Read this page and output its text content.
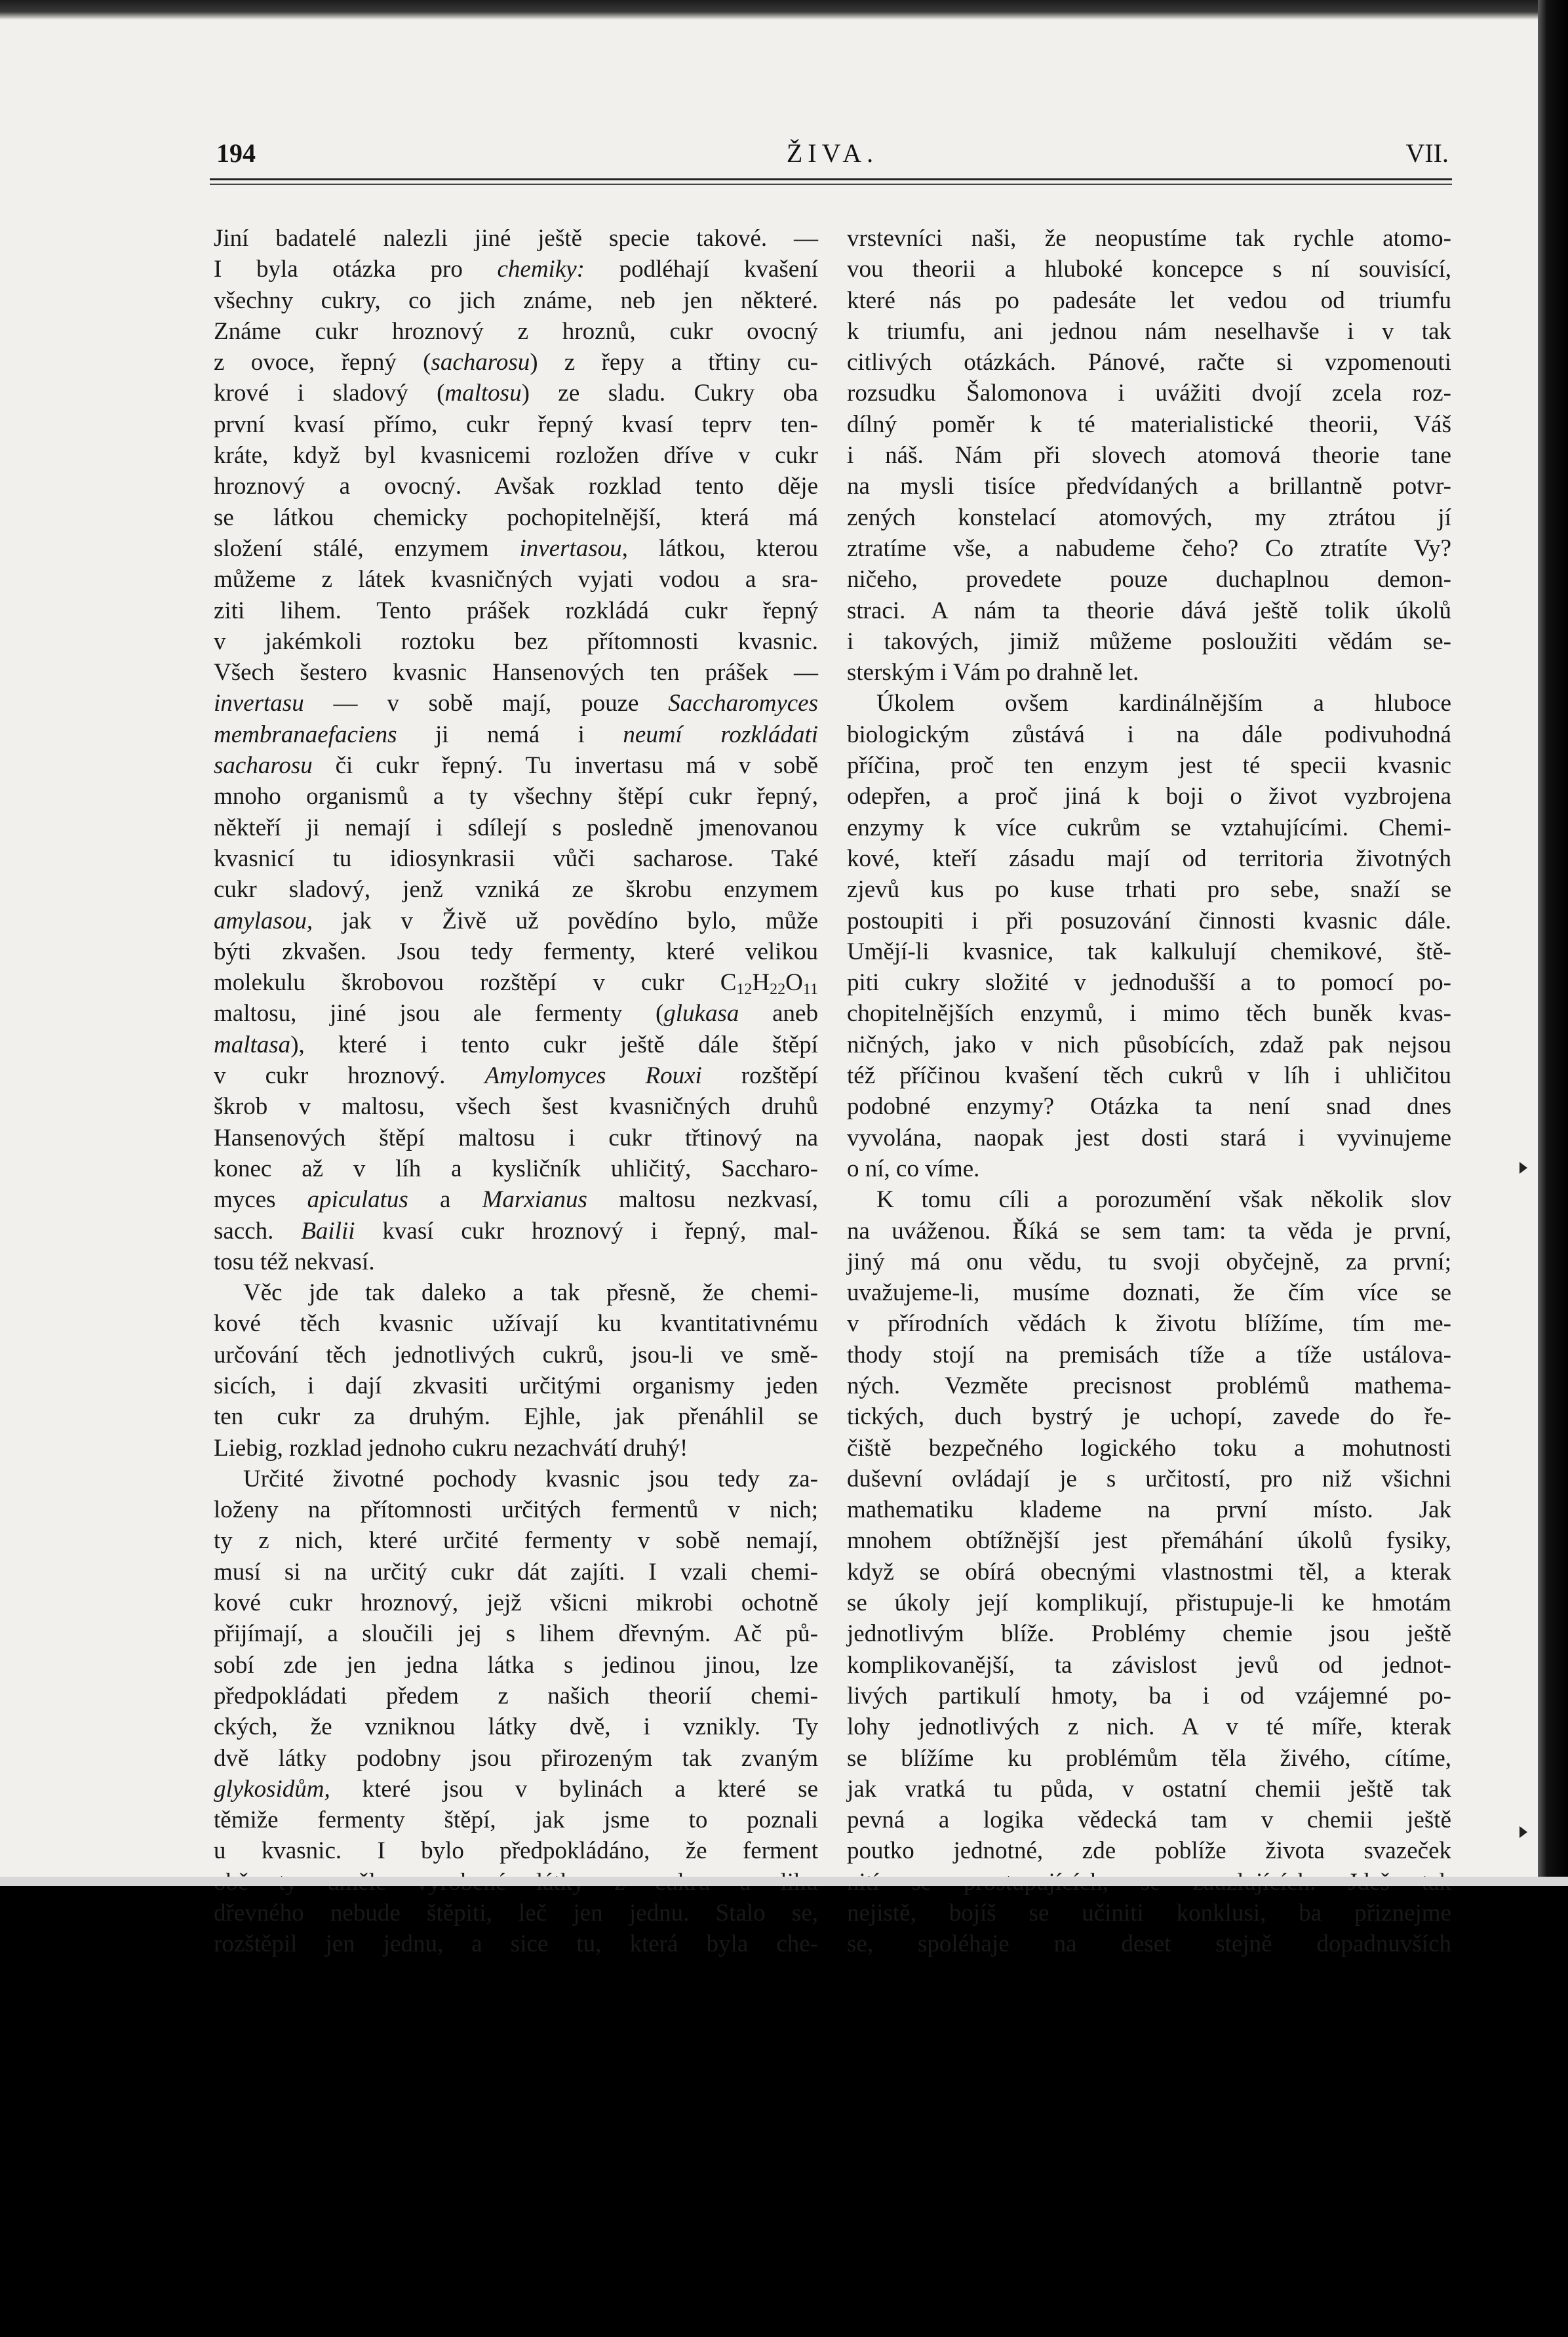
194	ŽIVA.	VII.
Jiní badatelé nalezli jiné ještě specie takové. —
I byla otázka pro chemiky: podléhají kvašení
všechny cukry, co jich známe, neb jen některé.
Známe cukr hroznový z hroznů, cukr ovocný
z ovoce, řepný (sacharosu) z řepy a třtiny cu-
krové i sladový (maltosu) ze sladu. Cukry oba
první kvasí přímo, cukr řepný kvasí teprv ten-
kráte, když byl kvasnicemi rozložen dříve v cukr
hroznový a ovocný. Avšak rozklad tento děje
se látkou chemicky pochopitelnější, která má
složení stálé, enzymem invertasou, látkou, kterou
můžeme z látek kvasničných vyjati vodou a sra-
ziti lihem. Tento prášek rozkládá cukr řepný
v jakémkoli roztoku bez přítomnosti kvasnic.
Všech šestero kvasnic Hansenových ten prášek —
invertasu — v sobě mají, pouze Saccharomyces
membranaefaciens ji nemá i neumí rozkládati
sacharosu či cukr řepný. Tu invertasu má v sobě
mnoho organismů a ty všechny štěpí cukr řepný,
někteří ji nemají i sdílejí s posledně jmenovanou
kvasnicí tu idiosynkrasii vůči sacharose. Také
cukr sladový, jenž vzniká ze škrobu enzymem
amylasou, jak v Živě už povědíno bylo, může
býti zkvašen. Jsou tedy fermenty, které velikou
molekulu škrobovou rozštěpí v cukr $C_{12}H_{22}O_{11}$
maltosu, jiné jsou ale fermenty (glukasa aneb
maltasa), které i tento cukr ještě dále štěpí
v cukr hroznový. Amylomyces Rouxi rozštěpí
škrob v maltosu, všech šest kvasničných druhů
Hansenových štěpí maltosu i cukr třtinový na
konec až v líh a kysličník uhličitý, Saccharo-
myces apiculatus a Marxianus maltosu nezkvasí,
sacch. Bailii kvasí cukr hroznový i řepný, mal-
tosu též nekvasí.
Věc jde tak daleko a tak přesně, že chemi-
kové těch kvasnic užívají ku kvantitativnému
určování těch jednotlivých cukrů, jsou-li ve smě-
sicích, i dají zkvasiti určitými organismy jeden
ten cukr za druhým. Ejhle, jak přenáhlil se
Liebig, rozklad jednoho cukru nezachvátí druhý!
Určité životné pochody kvasnic jsou tedy za-
loženy na přítomnosti určitých fermentů v nich;
ty z nich, které určité fermenty v sobě nemají,
musí si na určitý cukr dát zajíti. I vzali chemi-
kové cukr hroznový, jejž všicni mikrobi ochotně
přijímají, a sloučili jej s lihem dřevným. Ač pů-
sobí zde jen jedna látka s jedinou jinou, lze
předpokládati předem z našich theorií chemi-
ckých, že vzniknou látky dvě, i vznikly. Ty
dvě látky podobny jsou přirozeným tak zvaným
glykosidům, které jsou v bylinách a které se
těmiže fermenty štěpí, jak jsme to poznali
u kvasnic. I bylo předpokládáno, že ferment
dřevného nebude štěpiti, leč jen jednu. Stalo se,
rozštěpil jen jednu, a sice tu, která byla che-
vrstevníci naši, že neopustíme tak rychle atomo-
vou theorii a hluboké koncepce s ní souvisící,
které nás po padesáte let vedou od triumfu
k triumfu, ani jednou nám neselhavše i v tak
citlivých otázkách. Pánové, račte si vzpomenouti
rozsudku Šalomonova i uvážiti dvojí zcela roz-
dílný poměr k té materialistické theorii, Váš
i náš. Nám při slovech atomová theorie tane
na mysli tisíce předvídaných a brillantně potvr-
zených konstelací atomových, my ztrátou jí
ztratíme vše, a nabudeme čeho? Co ztratíte Vy?
ničeho, provedete pouze duchaplnou demon-
straci. A nám ta theorie dává ještě tolik úkolů
i takových, jimiž můžeme posloužiti vědám se-
sterským i Vám po drahně let.
Úkolem ovšem kardinálnějším a hluboce
biologickým zůstává i na dále podivuhodná
příčina, proč ten enzym jest té specii kvasnic
odepřen, a proč jiná k boji o život vyzbrojena
enzymy k více cukrům se vztahujícími. Chemi-
kové, kteří zásadu mají od territoria životných
zjevů kus po kuse trhati pro sebe, snaží se
postoupiti i při posuzování činnosti kvasnic dále.
Umějí-li kvasnice, tak kalkulují chemikové, ště-
piti cukry složité v jednodušší a to pomocí po-
chopitelnějších enzymů, i mimo těch buněk kvas-
ničných, jako v nich působících, zdaž pak nejsou
též příčinou kvašení těch cukrů v líh i uhličitou
podobné enzymy? Otázka ta není snad dnes
vyvolána, naopak jest dosti stará i vyvinujeme
o ní, co víme.
K tomu cíli a porozumění však několik slov
na uváženou. Říká se sem tam: ta věda je první,
jiný má onu vědu, tu svoji obyčejně, za první;
uvažujeme-li, musíme doznati, že čím více se
v přírodních vědách k životu blížíme, tím me-
thody stojí na premisách tíže a tíže ustálova-
ných. Vezměte precisnost problémů mathema-
tických, duch bystrý je uchopí, zavede do ře-
čiště bezpečného logického toku a mohutnosti
duševní ovládají je s určitostí, pro niž všichni
mathematiku klademe na první místo. Jak
mnohem obtížnější jest přemáhání úkolů fysiky,
když se obírá obecnými vlastnostmi těl, a kterak
se úkoly její komplikují, přistupuje-li ke hmotám
jednotlivým blíže. Problémy chemie jsou ještě
komplikovanější, ta závislost jevů od jednot-
livých partikulí hmoty, ba i od vzájemné po-
lohy jednotlivých z nich. A v té míře, kterak
se blížíme ku problémům těla živého, cítíme,
jak vratká tu půda, v ostatní chemii ještě tak
pevná a logika vědecká tam v chemii ještě
poutko jednotné, zde poblíže života svazeček
nejistě, bojíš se učiniti konklusi, ba přiznejme
se, spoléhaje na deset stejně dopadnuvších
